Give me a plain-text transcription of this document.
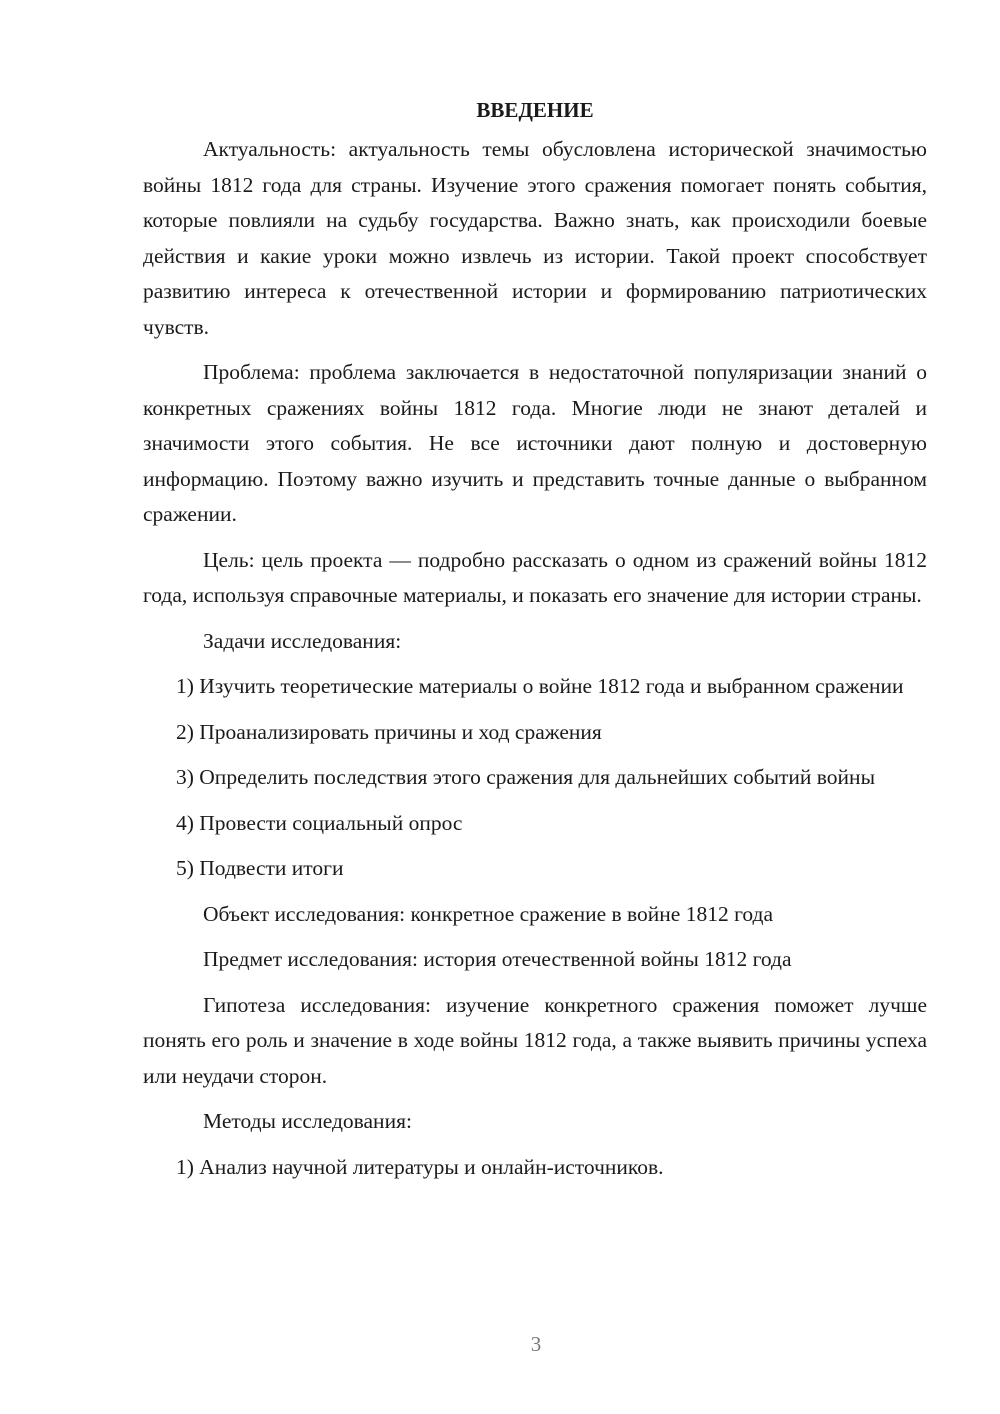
ВВЕДЕНИЕ

Актуальность: актуальность темы обусловлена исторической значимостью войны 1812 года для страны. Изучение этого сражения помогает понять события, которые повлияли на судьбу государства. Важно знать, как происходили боевые действия и какие уроки можно извлечь из истории. Такой проект способствует развитию интереса к отечественной истории и формированию патриотических чувств.

Проблема: проблема заключается в недостаточной популяризации знаний о конкретных сражениях войны 1812 года. Многие люди не знают деталей и значимости этого события. Не все источники дают полную и достоверную информацию. Поэтому важно изучить и представить точные данные о выбранном сражении.

Цель: цель проекта — подробно рассказать о одном из сражений войны 1812 года, используя справочные материалы, и показать его значение для истории страны.

Задачи исследования:

1) Изучить теоретические материалы о войне 1812 года и выбранном сражении

2) Проанализировать причины и ход сражения

3) Определить последствия этого сражения для дальнейших событий войны

4) Провести социальный опрос

5) Подвести итоги

Объект исследования: конкретное сражение в войне 1812 года

Предмет исследования: история отечественной войны 1812 года

Гипотеза исследования: изучение конкретного сражения поможет лучше понять его роль и значение в ходе войны 1812 года, а также выявить причины успеха или неудачи сторон.

Методы исследования:

1) Анализ научной литературы и онлайн-источников.

3
